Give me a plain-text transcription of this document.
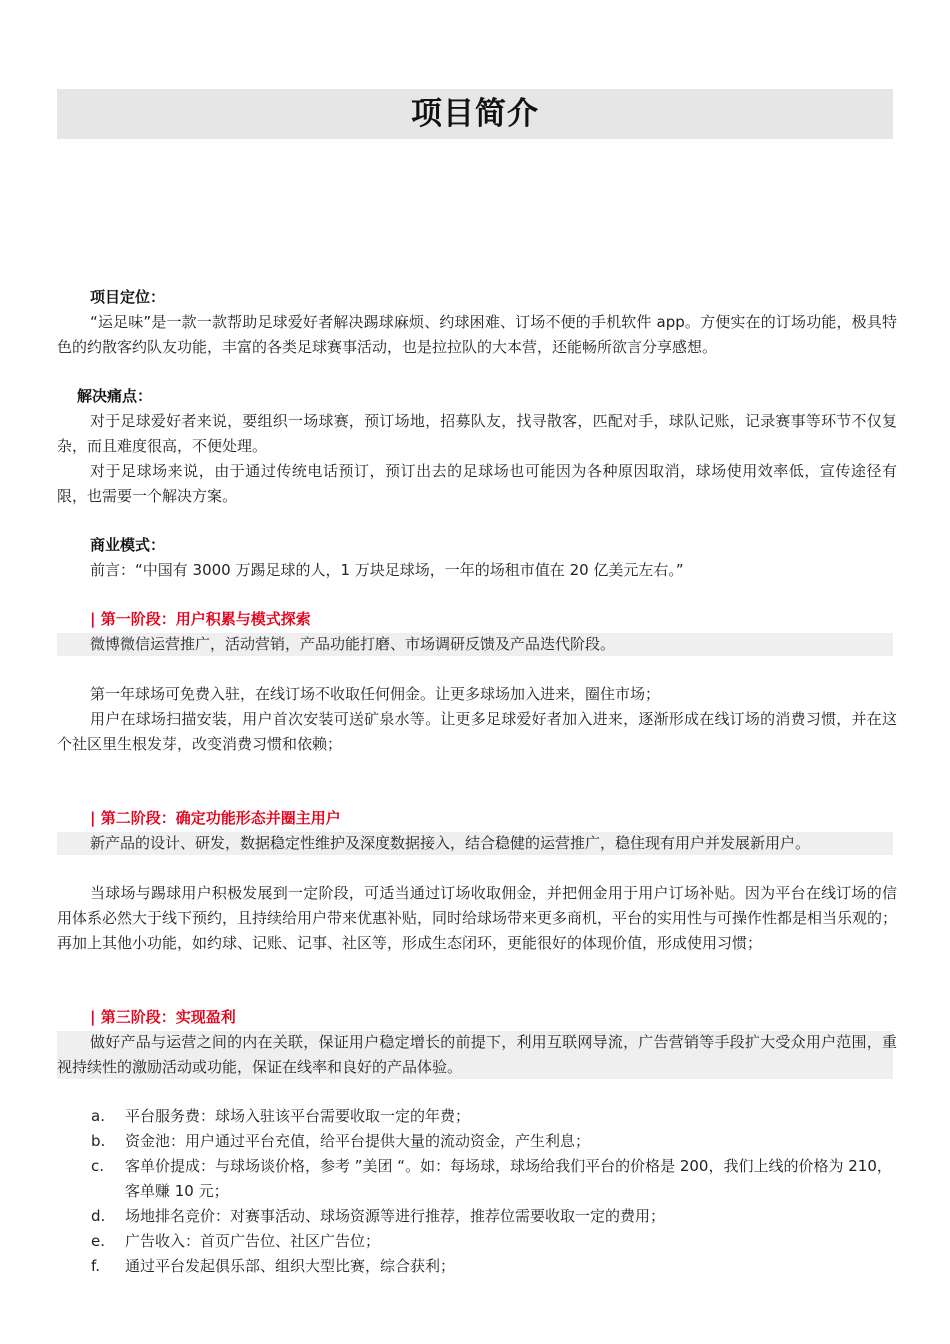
项目简介
项目定位：

“运足味”是一款一款帮助足球爱好者解决踢球麻烦、约球困难、订场不便的手机软件 app。方便实在的订场功能，极具特色的约散客约队友功能，丰富的各类足球赛事活动，也是拉拉队的大本营，还能畅所欲言分享感想。

解决痛点：

对于足球爱好者来说，要组织一场球赛，预订场地，招募队友，找寻散客，匹配对手，球队记账，记录赛事等环节不仅复杂，而且难度很高，不便处理。

对于足球场来说，由于通过传统电话预订，预订出去的足球场也可能因为各种原因取消，球场使用效率低，宣传途径有限，也需要一个解决方案。

商业模式：

前言：“中国有 3000 万踢足球的人，1 万块足球场，一年的场租市值在 20 亿美元左右。”

| 第一阶段：用户积累与模式探索

微博微信运营推广，活动营销，产品功能打磨、市场调研反馈及产品迭代阶段。

第一年球场可免费入驻，在线订场不收取任何佣金。让更多球场加入进来，圈住市场；

用户在球场扫描安装，用户首次安装可送矿泉水等。让更多足球爱好者加入进来，逐渐形成在线订场的消费习惯，并在这个社区里生根发芽，改变消费习惯和依赖；

| 第二阶段：确定功能形态并圈主用户

新产品的设计、研发，数据稳定性维护及深度数据接入，结合稳健的运营推广，稳住现有用户并发展新用户。

当球场与踢球用户积极发展到一定阶段，可适当通过订场收取佣金，并把佣金用于用户订场补贴。因为平台在线订场的信用体系必然大于线下预约，且持续给用户带来优惠补贴，同时给球场带来更多商机，平台的实用性与可操作性都是相当乐观的；再加上其他小功能，如约球、记账、记事、社区等，形成生态闭环，更能很好的体现价值，形成使用习惯；

| 第三阶段：实现盈利

做好产品与运营之间的内在关联，保证用户稳定增长的前提下，利用互联网导流，广告营销等手段扩大受众用户范围，重视持续性的激励活动或功能，保证在线率和良好的产品体验。

a. 平台服务费：球场入驻该平台需要收取一定的年费；
b. 资金池：用户通过平台充值，给平台提供大量的流动资金，产生利息；
c. 客单价提成：与球场谈价格，参考 ”美团 “。如：每场球，球场给我们平台的价格是 200，我们上线的价格为 210，客单赚 10 元；
d. 场地排名竞价：对赛事活动、球场资源等进行推荐，推荐位需要收取一定的费用；
e. 广告收入：首页广告位、社区广告位；
f. 通过平台发起俱乐部、组织大型比赛，综合获利；
